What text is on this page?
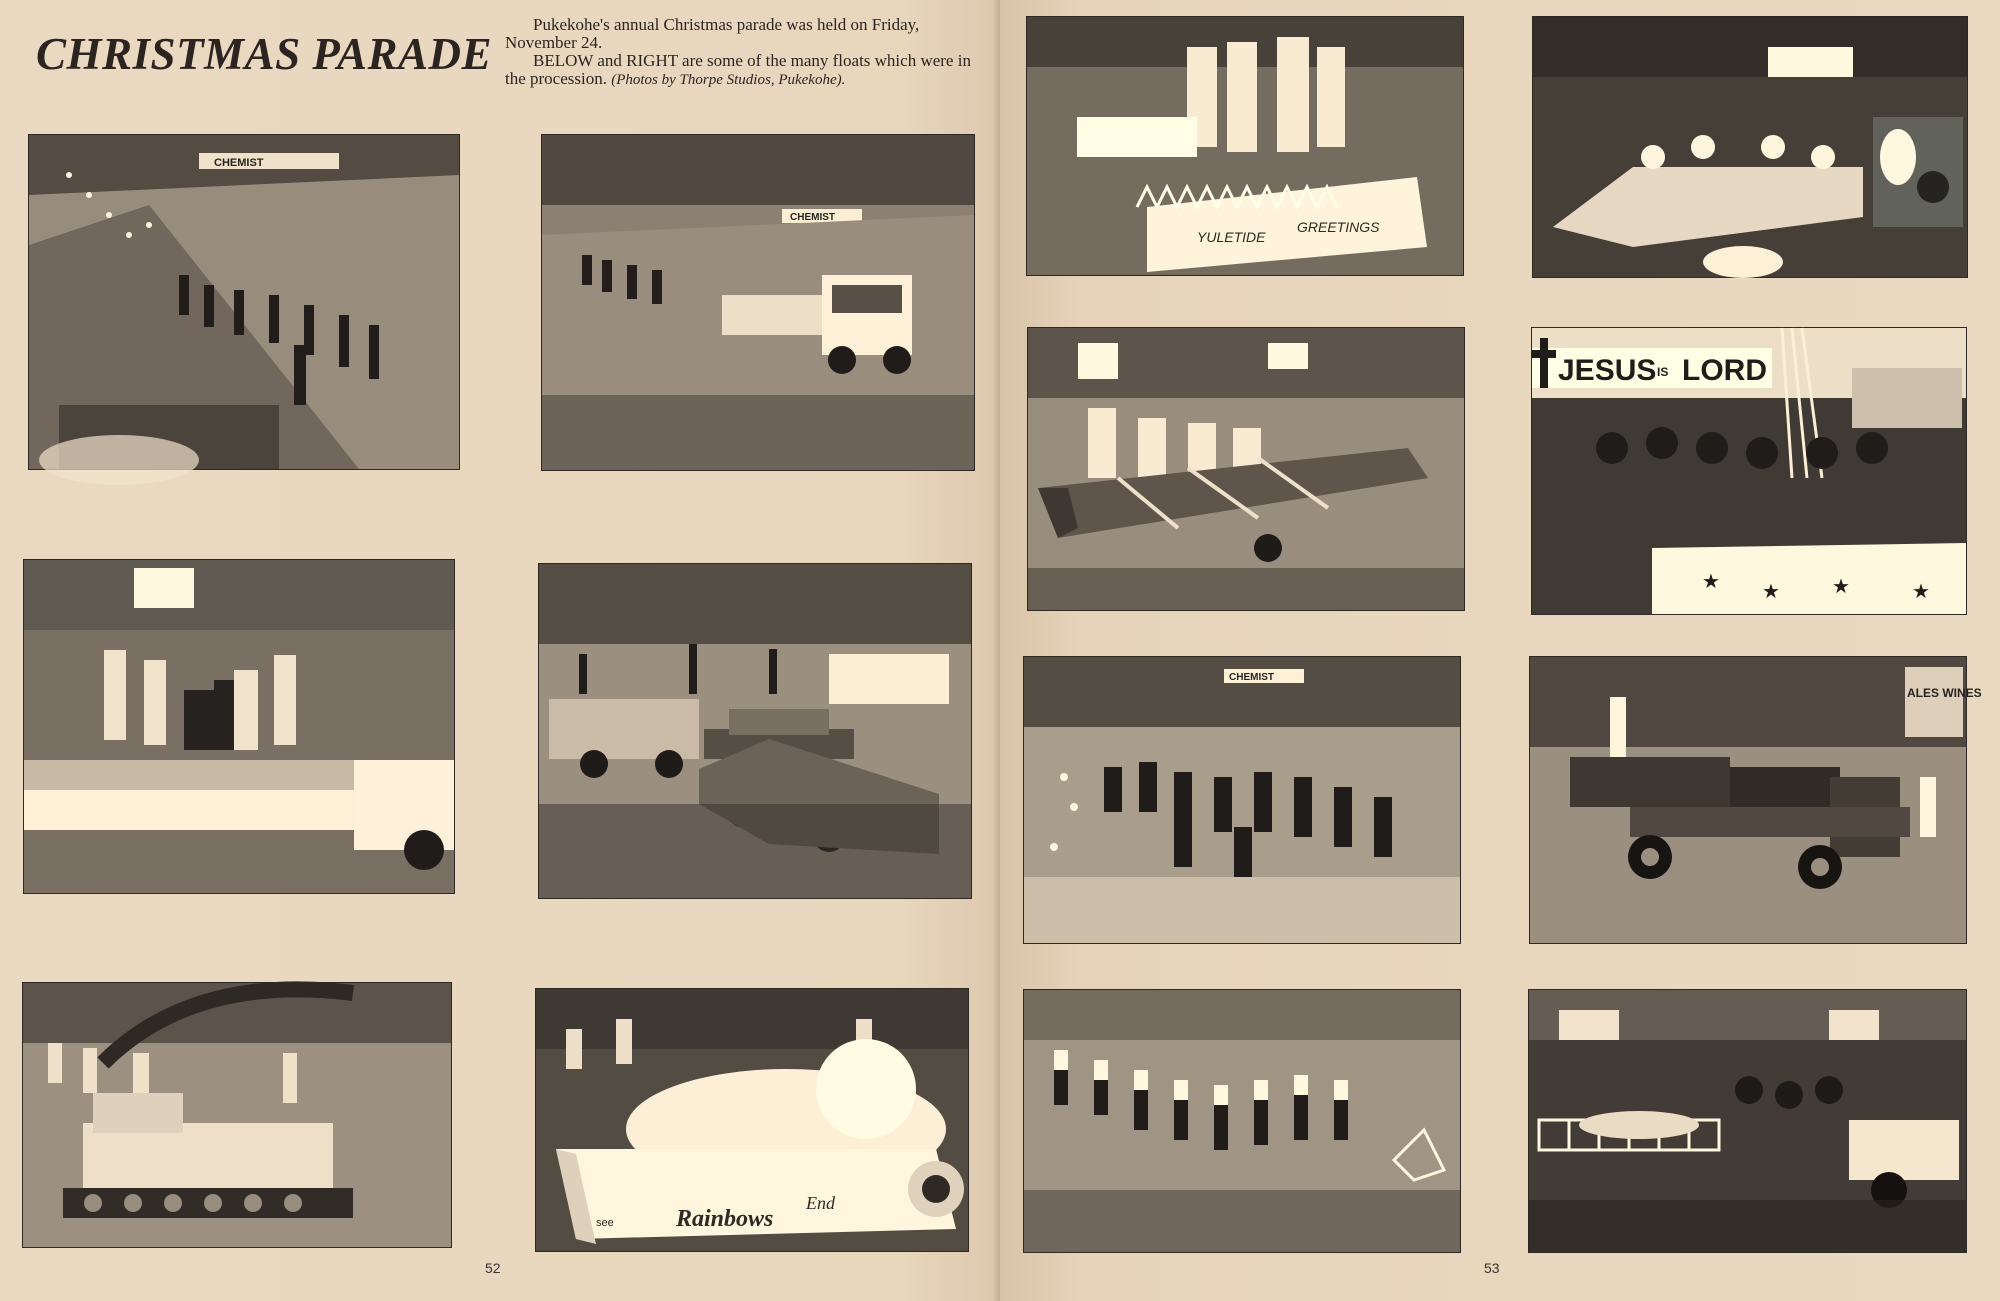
CHRISTMAS PARADE

Pukekohe's annual Christmas parade was held on Friday, November 24.

BELOW and RIGHT are some of the many floats which were in the procession. (Photos by Thorpe Studios, Pukekohe).

CHEMIST
CHEMIST
see	Rainbows
End
52
YULETIDE
GREETINGS
JESUS IS LORD
★ ★	★	★
CHEMIST
ALES WINES
53
